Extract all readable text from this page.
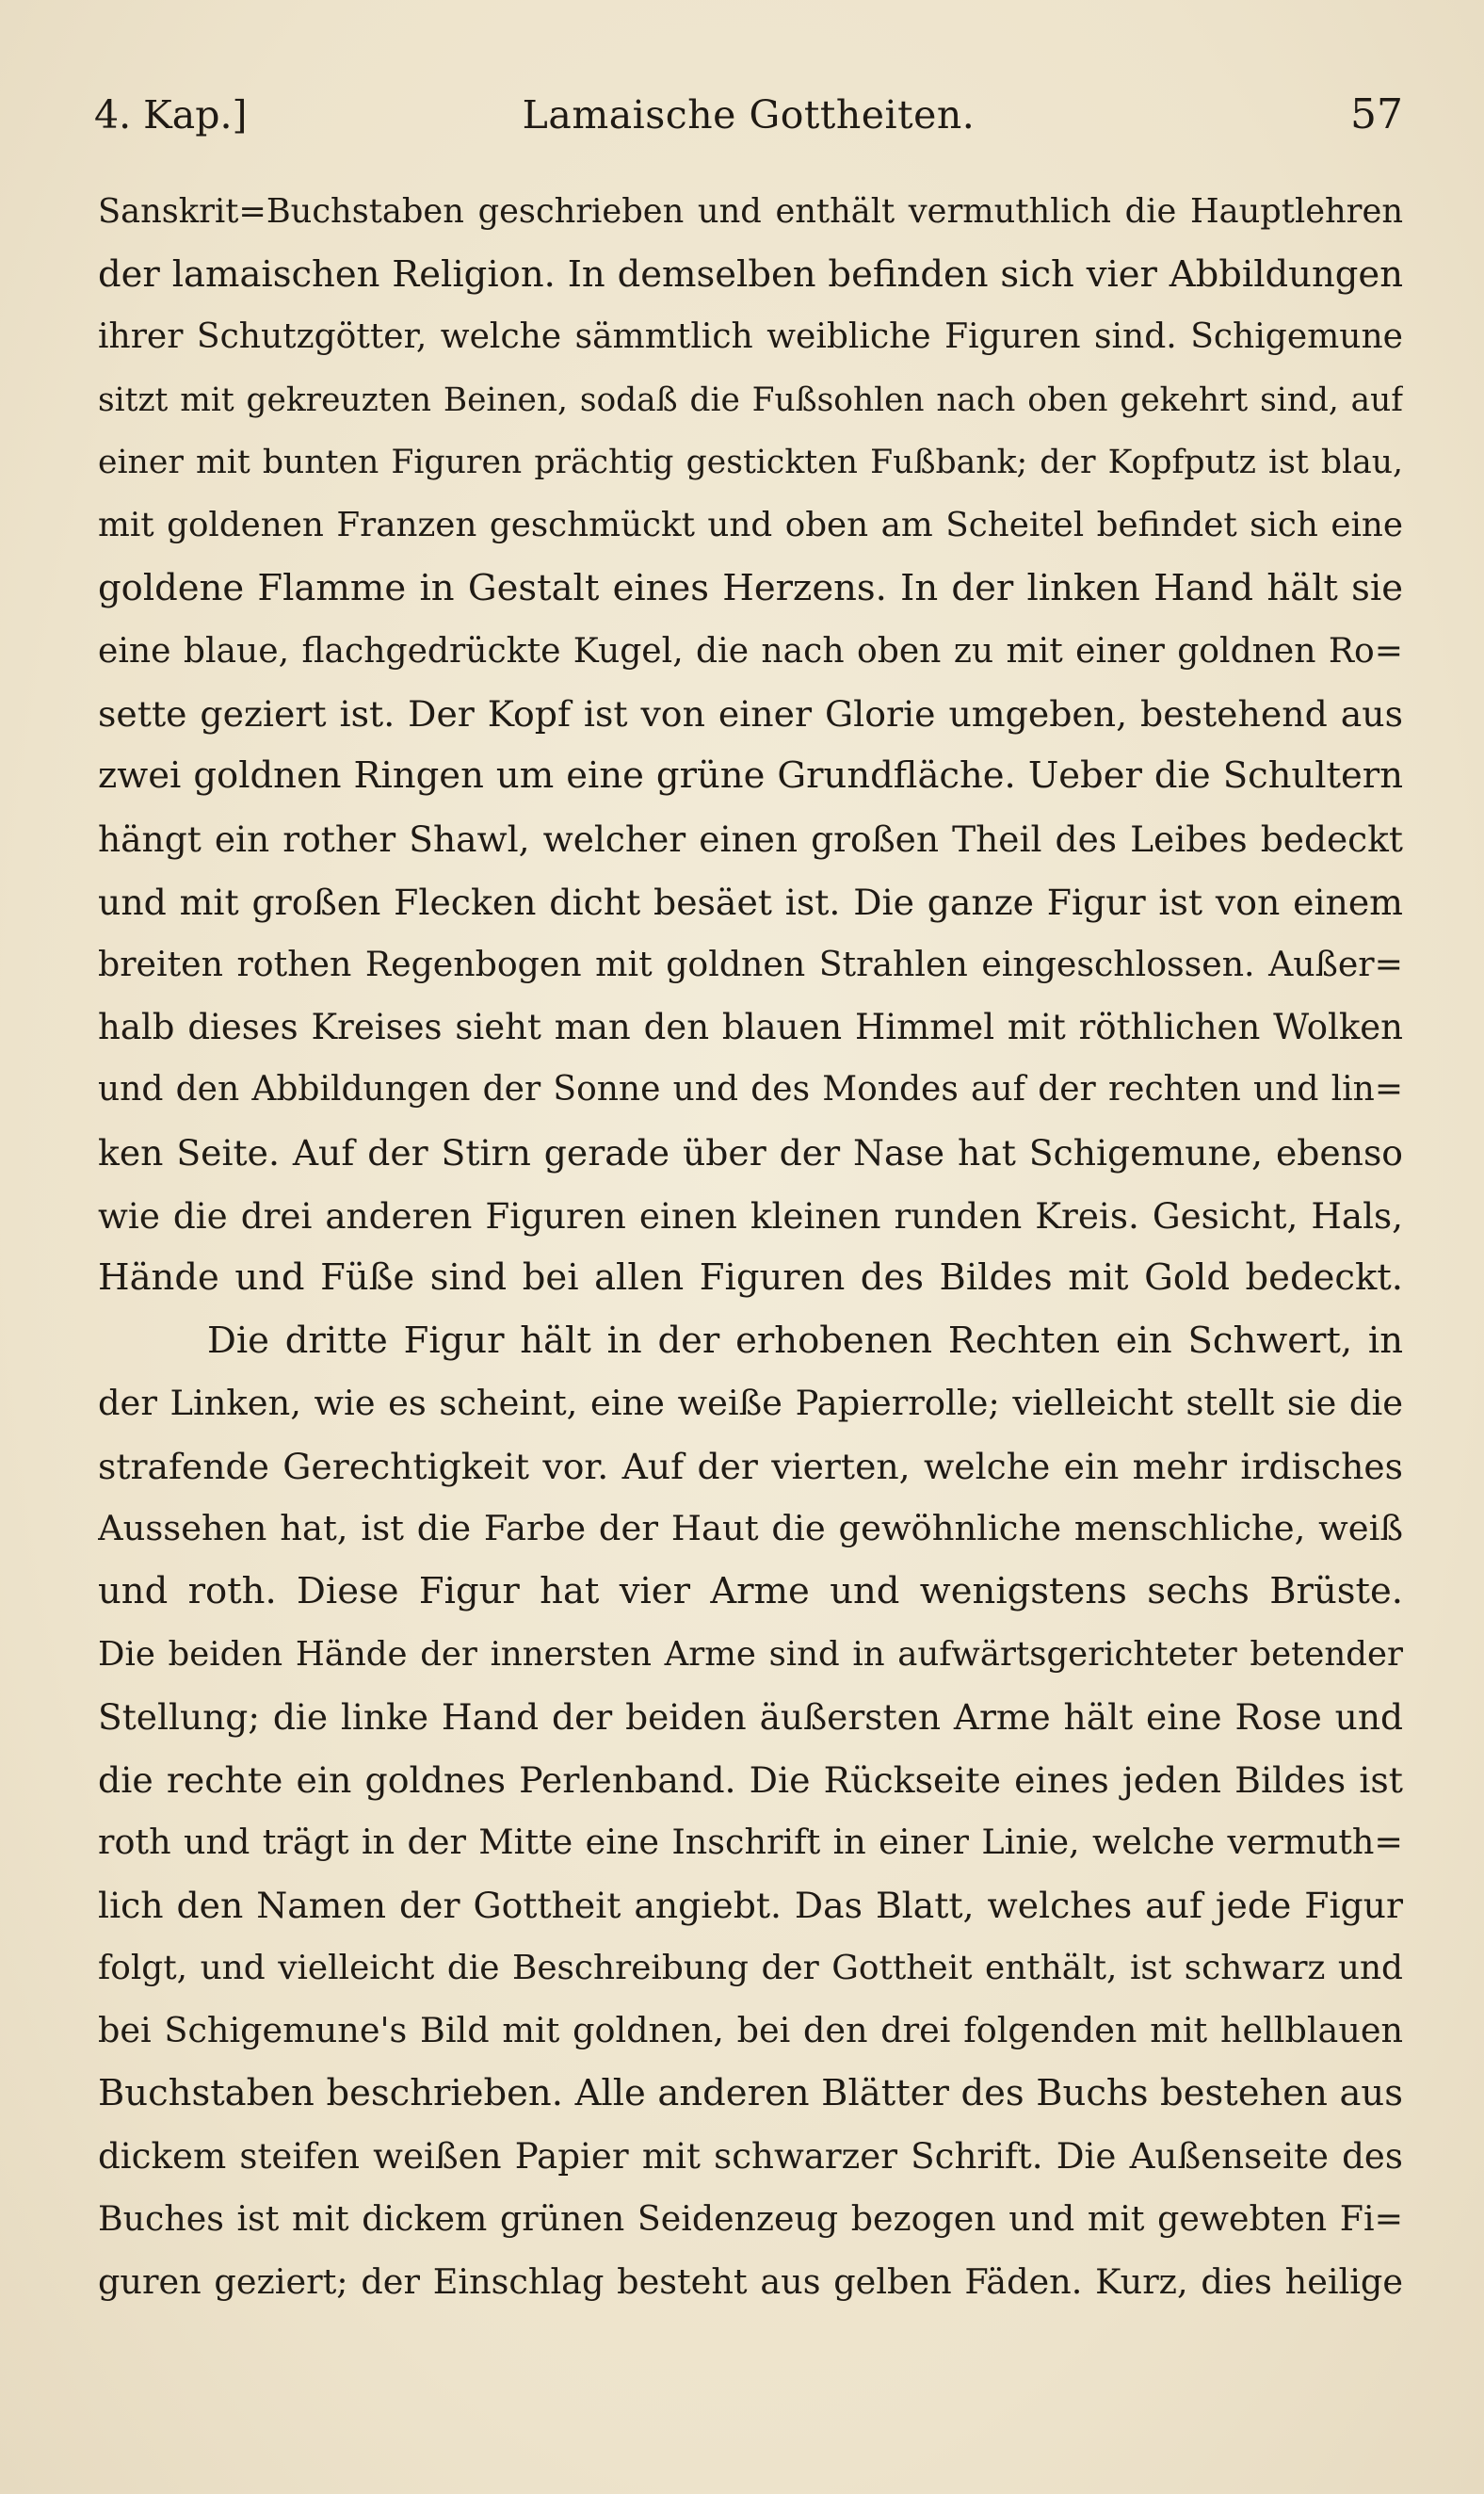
4. Kap.]	Lamaische Gottheiten.	57
Sanskrit=Buchstaben geschrieben und enthält vermuthlich die Hauptlehren
der lamaischen Religion. In demselben befinden sich vier Abbildungen
ihrer Schutzgötter, welche sämmtlich weibliche Figuren sind. Schigemune
sitzt mit gekreuzten Beinen, sodaß die Fußsohlen nach oben gekehrt sind, auf
einer mit bunten Figuren prächtig gestickten Fußbank; der Kopfputz ist blau,
mit goldenen Franzen geschmückt und oben am Scheitel befindet sich eine
goldene Flamme in Gestalt eines Herzens. In der linken Hand hält sie
eine blaue, flachgedrückte Kugel, die nach oben zu mit einer goldnen Ro=
sette geziert ist. Der Kopf ist von einer Glorie umgeben, bestehend aus
zwei goldnen Ringen um eine grüne Grundfläche. Ueber die Schultern
hängt ein rother Shawl, welcher einen großen Theil des Leibes bedeckt
und mit großen Flecken dicht besäet ist. Die ganze Figur ist von einem
breiten rothen Regenbogen mit goldnen Strahlen eingeschlossen. Außer=
halb dieses Kreises sieht man den blauen Himmel mit röthlichen Wolken
und den Abbildungen der Sonne und des Mondes auf der rechten und lin=
ken Seite. Auf der Stirn gerade über der Nase hat Schigemune, ebenso
wie die drei anderen Figuren einen kleinen runden Kreis. Gesicht, Hals,
Hände und Füße sind bei allen Figuren des Bildes mit Gold bedeckt.
Die dritte Figur hält in der erhobenen Rechten ein Schwert, in
der Linken, wie es scheint, eine weiße Papierrolle; vielleicht stellt sie die
strafende Gerechtigkeit vor. Auf der vierten, welche ein mehr irdisches
Aussehen hat, ist die Farbe der Haut die gewöhnliche menschliche, weiß
und roth. Diese Figur hat vier Arme und wenigstens sechs Brüste.
Die beiden Hände der innersten Arme sind in aufwärtsgerichteter betender
Stellung; die linke Hand der beiden äußersten Arme hält eine Rose und
die rechte ein goldnes Perlenband. Die Rückseite eines jeden Bildes ist
roth und trägt in der Mitte eine Inschrift in einer Linie, welche vermuth=
lich den Namen der Gottheit angiebt. Das Blatt, welches auf jede Figur
folgt, und vielleicht die Beschreibung der Gottheit enthält, ist schwarz und
bei Schigemune's Bild mit goldnen, bei den drei folgenden mit hellblauen
Buchstaben beschrieben. Alle anderen Blätter des Buchs bestehen aus
dickem steifen weißen Papier mit schwarzer Schrift. Die Außenseite des
Buches ist mit dickem grünen Seidenzeug bezogen und mit gewebten Fi=
guren geziert; der Einschlag besteht aus gelben Fäden. Kurz, dies heilige
